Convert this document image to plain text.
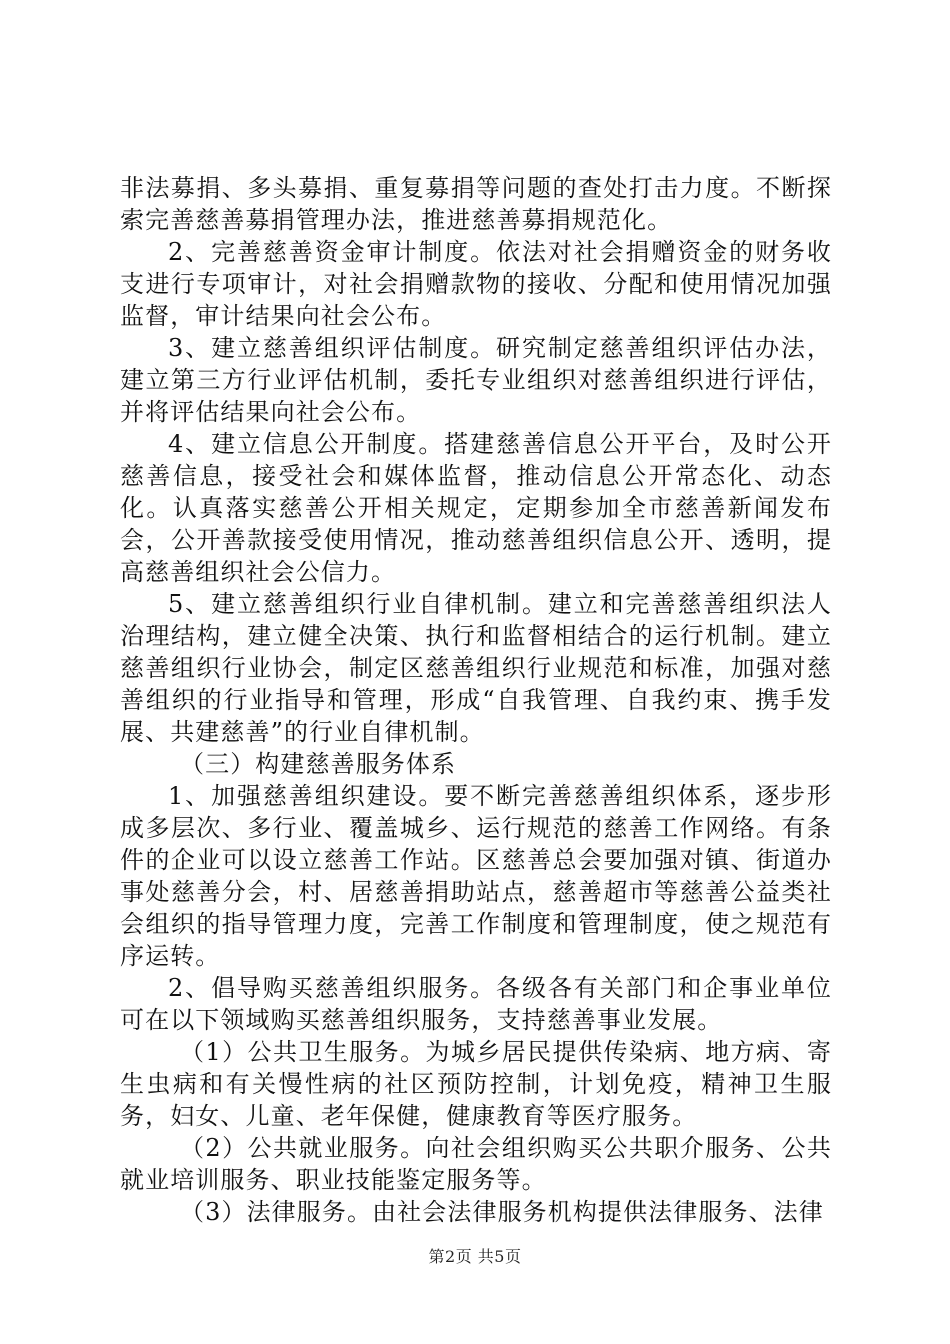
非法募捐、多头募捐、重复募捐等问题的查处打击力度。不断探索完善慈善募捐管理办法，推进慈善募捐规范化。

2、完善慈善资金审计制度。依法对社会捐赠资金的财务收支进行专项审计，对社会捐赠款物的接收、分配和使用情况加强监督，审计结果向社会公布。

3、建立慈善组织评估制度。研究制定慈善组织评估办法，建立第三方行业评估机制，委托专业组织对慈善组织进行评估，并将评估结果向社会公布。

4、建立信息公开制度。搭建慈善信息公开平台，及时公开慈善信息，接受社会和媒体监督，推动信息公开常态化、动态化。认真落实慈善公开相关规定，定期参加全市慈善新闻发布会，公开善款接受使用情况，推动慈善组织信息公开、透明，提高慈善组织社会公信力。

5、建立慈善组织行业自律机制。建立和完善慈善组织法人治理结构，建立健全决策、执行和监督相结合的运行机制。建立慈善组织行业协会，制定区慈善组织行业规范和标准，加强对慈善组织的行业指导和管理，形成“自我管理、自我约束、携手发展、共建慈善”的行业自律机制。

（三）构建慈善服务体系

1、加强慈善组织建设。要不断完善慈善组织体系，逐步形成多层次、多行业、覆盖城乡、运行规范的慈善工作网络。有条件的企业可以设立慈善工作站。区慈善总会要加强对镇、街道办事处慈善分会，村、居慈善捐助站点，慈善超市等慈善公益类社会组织的指导管理力度，完善工作制度和管理制度，使之规范有序运转。

2、倡导购买慈善组织服务。各级各有关部门和企事业单位可在以下领域购买慈善组织服务，支持慈善事业发展。

（1）公共卫生服务。为城乡居民提供传染病、地方病、寄生虫病和有关慢性病的社区预防控制，计划免疫，精神卫生服务，妇女、儿童、老年保健，健康教育等医疗服务。

（2）公共就业服务。向社会组织购买公共职介服务、公共就业培训服务、职业技能鉴定服务等。

（3）法律服务。由社会法律服务机构提供法律服务、法律

第2页 共5页
